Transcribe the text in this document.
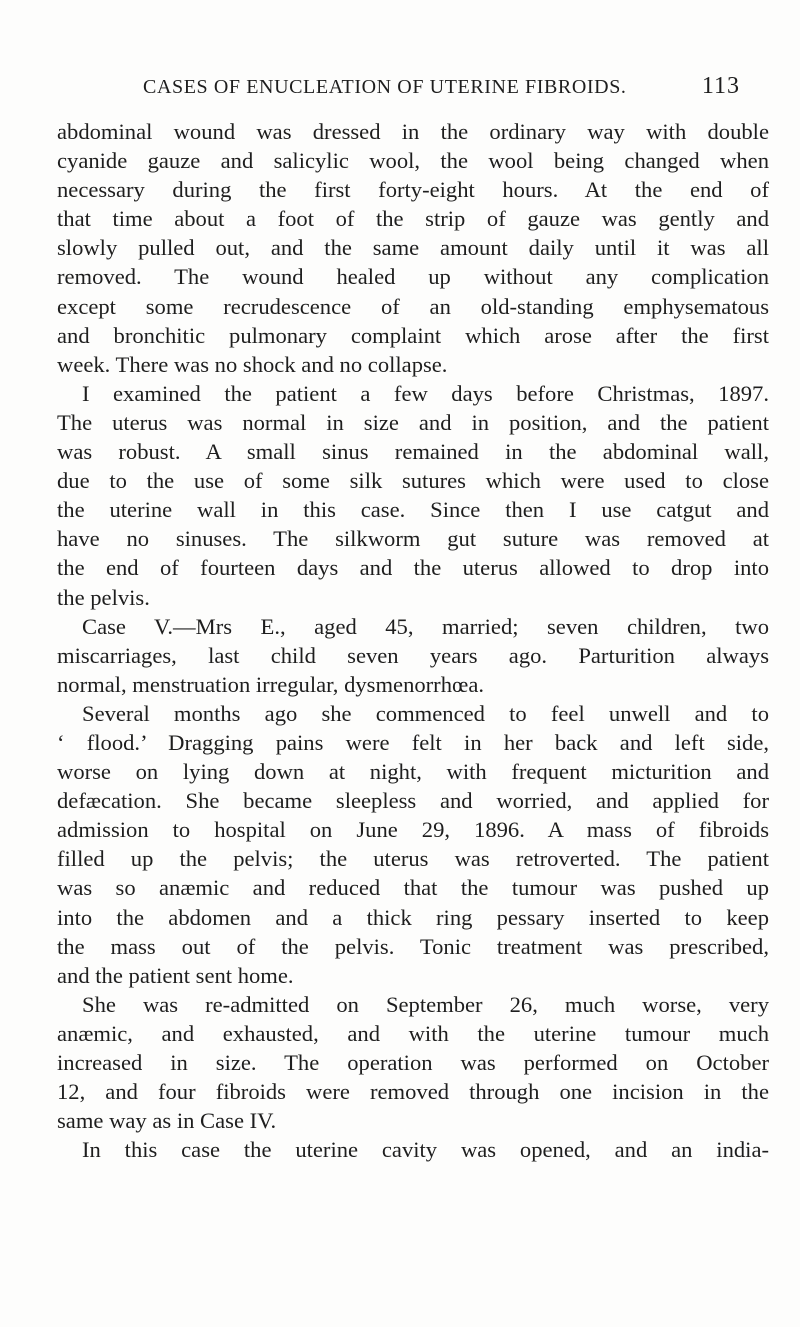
CASES OF ENUCLEATION OF UTERINE FIBROIDS.	113
abdominal wound was dressed in the ordinary way with double
cyanide gauze and salicylic wool, the wool being changed when
necessary during the first forty-eight hours. At the end of
that time about a foot of the strip of gauze was gently and
slowly pulled out, and the same amount daily until it was all
removed. The wound healed up without any complication
except some recrudescence of an old-standing emphysematous
and bronchitic pulmonary complaint which arose after the first
week. There was no shock and no collapse.
I examined the patient a few days before Christmas, 1897.
The uterus was normal in size and in position, and the patient
was robust. A small sinus remained in the abdominal wall,
due to the use of some silk sutures which were used to close
the uterine wall in this case. Since then I use catgut and
have no sinuses. The silkworm gut suture was removed at
the end of fourteen days and the uterus allowed to drop into
the pelvis.
Case V.—Mrs E., aged 45, married; seven children, two
miscarriages, last child seven years ago. Parturition always
normal, menstruation irregular, dysmenorrhœa.
Several months ago she commenced to feel unwell and to
‘ flood.’ Dragging pains were felt in her back and left side,
worse on lying down at night, with frequent micturition and
defæcation. She became sleepless and worried, and applied for
admission to hospital on June 29, 1896. A mass of fibroids
filled up the pelvis; the uterus was retroverted. The patient
was so anæmic and reduced that the tumour was pushed up
into the abdomen and a thick ring pessary inserted to keep
the mass out of the pelvis. Tonic treatment was prescribed,
and the patient sent home.
She was re-admitted on September 26, much worse, very
anæmic, and exhausted, and with the uterine tumour much
increased in size. The operation was performed on October
12, and four fibroids were removed through one incision in the
same way as in Case IV.
In this case the uterine cavity was opened, and an india-
